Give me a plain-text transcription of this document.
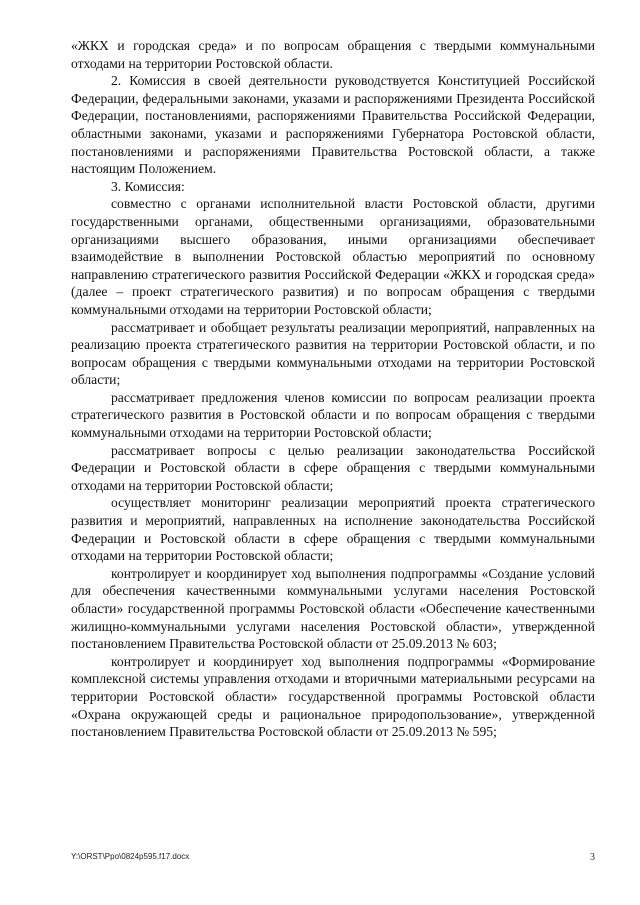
«ЖКХ и городская среда» и по вопросам обращения с твердыми коммунальными отходами на территории Ростовской области.

2. Комиссия в своей деятельности руководствуется Конституцией Российской Федерации, федеральными законами, указами и распоряжениями Президента Российской Федерации, постановлениями, распоряжениями Правительства Российской Федерации, областными законами, указами и распоряжениями Губернатора Ростовской области, постановлениями и распоряжениями Правительства Ростовской области, а также настоящим Положением.

3. Комиссия:

совместно с органами исполнительной власти Ростовской области, другими государственными органами, общественными организациями, образовательными организациями высшего образования, иными организациями обеспечивает взаимодействие в выполнении Ростовской областью мероприятий по основному направлению стратегического развития Российской Федерации «ЖКХ и городская среда» (далее – проект стратегического развития) и по вопросам обращения с твердыми коммунальными отходами на территории Ростовской области;

рассматривает и обобщает результаты реализации мероприятий, направленных на реализацию проекта стратегического развития на территории Ростовской области, и по вопросам обращения с твердыми коммунальными отходами на территории Ростовской области;

рассматривает предложения членов комиссии по вопросам реализации проекта стратегического развития в Ростовской области и по вопросам обращения с твердыми коммунальными отходами на территории Ростовской области;

рассматривает вопросы с целью реализации законодательства Российской Федерации и Ростовской области в сфере обращения с твердыми коммунальными отходами на территории Ростовской области;

осуществляет мониторинг реализации мероприятий проекта стратегического развития и мероприятий, направленных на исполнение законодательства Российской Федерации и Ростовской области в сфере обращения с твердыми коммунальными отходами на территории Ростовской области;

контролирует и координирует ход выполнения подпрограммы «Создание условий для обеспечения качественными коммунальными услугами населения Ростовской области» государственной программы Ростовской области «Обеспечение качественными жилищно-коммунальными услугами населения Ростовской области», утвержденной постановлением Правительства Ростовской области от 25.09.2013 № 603;

контролирует и координирует ход выполнения подпрограммы «Формирование комплексной системы управления отходами и вторичными материальными ресурсами на территории Ростовской области» государственной программы Ростовской области «Охрана окружающей среды и рациональное природопользование», утвержденной постановлением Правительства Ростовской области от 25.09.2013 № 595;

Y:\ORST\Ppo\0824p595.f17.docx	3
